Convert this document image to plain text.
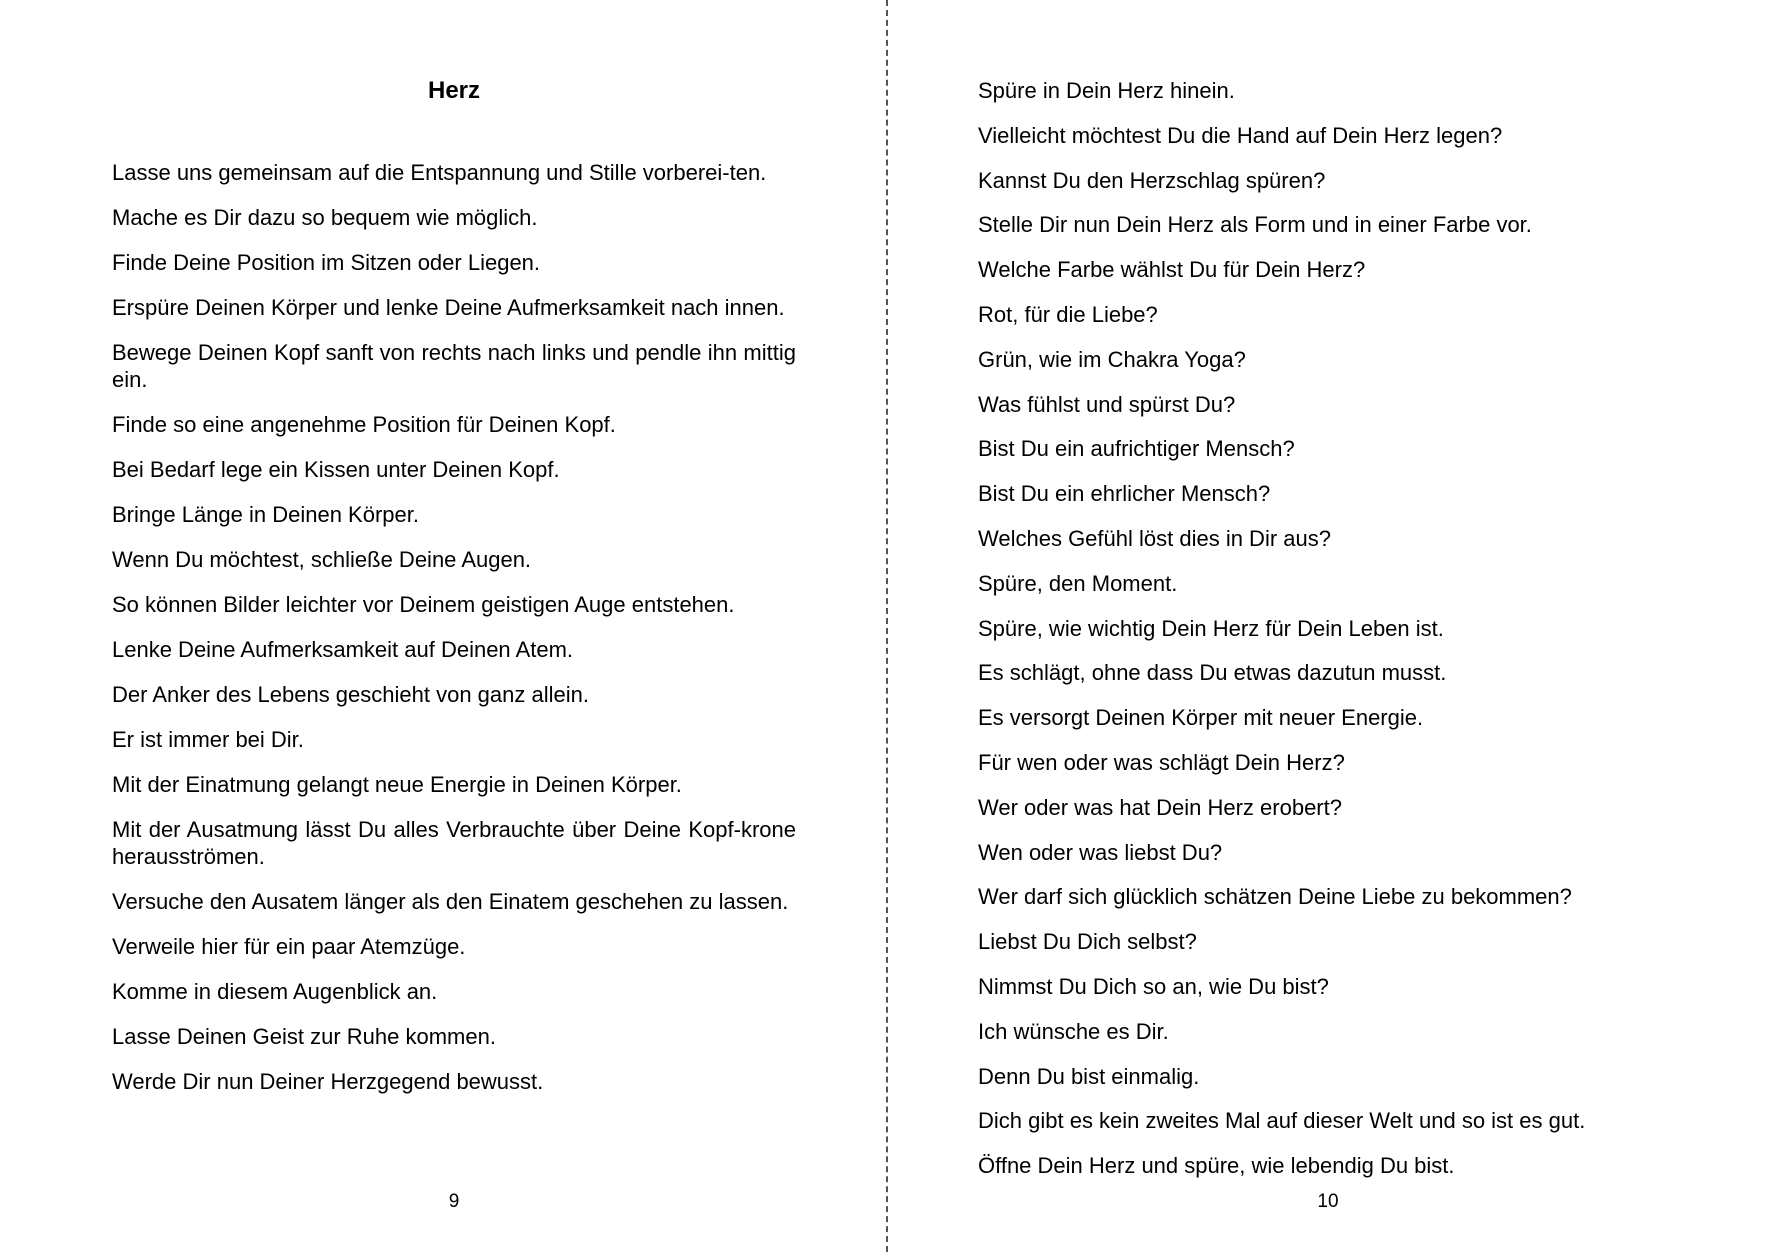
Herz

Lasse uns gemeinsam auf die Entspannung und Stille vorberei-ten.

Mache es Dir dazu so bequem wie möglich.

Finde Deine Position im Sitzen oder Liegen.

Erspüre Deinen Körper und lenke Deine Aufmerksamkeit nach innen.

Bewege Deinen Kopf sanft von rechts nach links und pendle ihn mittig ein.

Finde so eine angenehme Position für Deinen Kopf.

Bei Bedarf lege ein Kissen unter Deinen Kopf.

Bringe Länge in Deinen Körper.

Wenn Du möchtest, schließe Deine Augen.

So können Bilder leichter vor Deinem geistigen Auge entstehen.

Lenke Deine Aufmerksamkeit auf Deinen Atem.

Der Anker des Lebens geschieht von ganz allein.

Er ist immer bei Dir.

Mit der Einatmung gelangt neue Energie in Deinen Körper.

Mit der Ausatmung lässt Du alles Verbrauchte über Deine Kopf-krone herausströmen.

Versuche den Ausatem länger als den Einatem geschehen zu lassen.

Verweile hier für ein paar Atemzüge.

Komme in diesem Augenblick an.

Lasse Deinen Geist zur Ruhe kommen.

Werde Dir nun Deiner Herzgegend bewusst.

9

Spüre in Dein Herz hinein.

Vielleicht möchtest Du die Hand auf Dein Herz legen?

Kannst Du den Herzschlag spüren?

Stelle Dir nun Dein Herz als Form und in einer Farbe vor.

Welche Farbe wählst Du für Dein Herz?

Rot, für die Liebe?

Grün, wie im Chakra Yoga?

Was fühlst und spürst Du?

Bist Du ein aufrichtiger Mensch?

Bist Du ein ehrlicher Mensch?

Welches Gefühl löst dies in Dir aus?

Spüre, den Moment.

Spüre, wie wichtig Dein Herz für Dein Leben ist.

Es schlägt, ohne dass Du etwas dazutun musst.

Es versorgt Deinen Körper mit neuer Energie.

Für wen oder was schlägt Dein Herz?

Wer oder was hat Dein Herz erobert?

Wen oder was liebst Du?

Wer darf sich glücklich schätzen Deine Liebe zu bekommen?

Liebst Du Dich selbst?

Nimmst Du Dich so an, wie Du bist?

Ich wünsche es Dir.

Denn Du bist einmalig.

Dich gibt es kein zweites Mal auf dieser Welt und so ist es gut.

Öffne Dein Herz und spüre, wie lebendig Du bist.

10
